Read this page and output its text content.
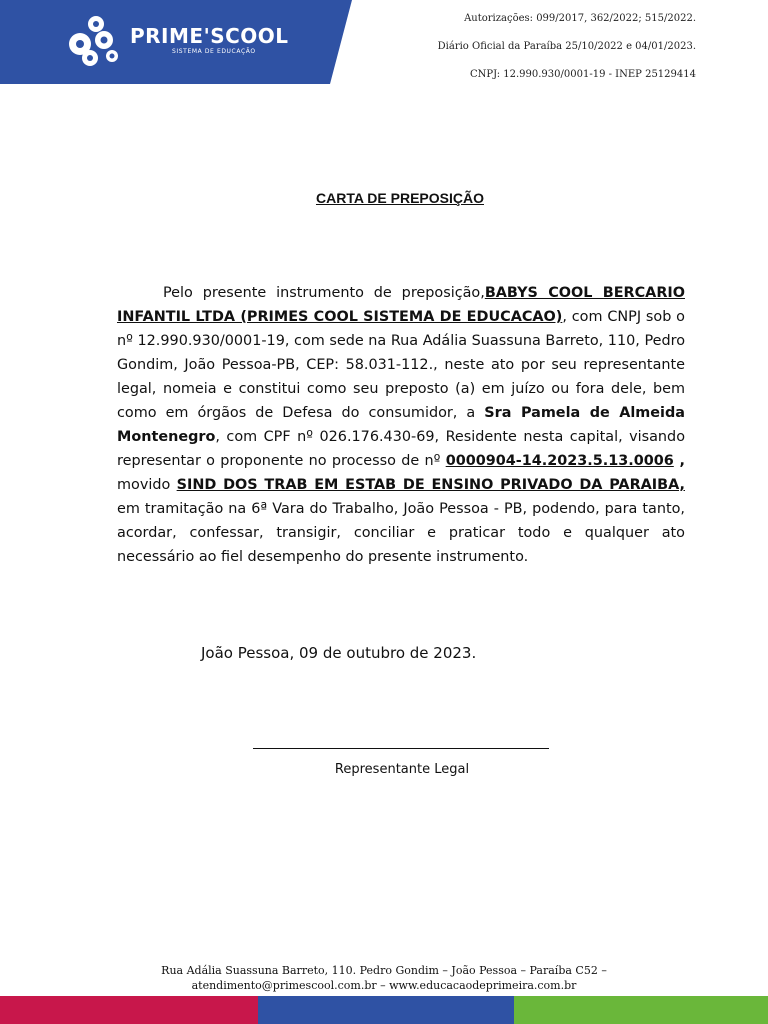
PRIME'SCOOL
SISTEMA DE EDUCAÇÃO
Autorizações: 099/2017, 362/2022; 515/2022.
Diário Oficial da Paraíba 25/10/2022 e 04/01/2023.
CNPJ: 12.990.930/0001-19 - INEP 25129414
CARTA DE PREPOSIÇÃO

Pelo presente instrumento de preposição,BABYS COOL BERCARIO INFANTIL LTDA (PRIMES COOL SISTEMA DE EDUCACAO), com CNPJ sob o nº 12.990.930/0001-19, com sede na Rua Adália Suassuna Barreto, 110, Pedro Gondim, João Pessoa-PB, CEP: 58.031-112., neste ato por seu representante legal, nomeia e constitui como seu preposto (a) em juízo ou fora dele, bem como em órgãos de Defesa do consumidor, a Sra Pamela de Almeida Montenegro, com CPF nº 026.176.430-69, Residente nesta capital, visando representar o proponente no processo de nº 0000904-14.2023.5.13.0006 , movido SIND DOS TRAB EM ESTAB DE ENSINO PRIVADO DA PARAIBA, em tramitação na 6ª Vara do Trabalho, João Pessoa - PB, podendo, para tanto, acordar, confessar, transigir, conciliar e praticar todo e qualquer ato necessário ao fiel desempenho do presente instrumento.

João Pessoa, 09 de outubro de 2023.
Representante Legal
Rua Adália Suassuna Barreto, 110. Pedro Gondim – João Pessoa – Paraíba C52 –
atendimento@primescool.com.br – www.educacaodeprimeira.com.br
